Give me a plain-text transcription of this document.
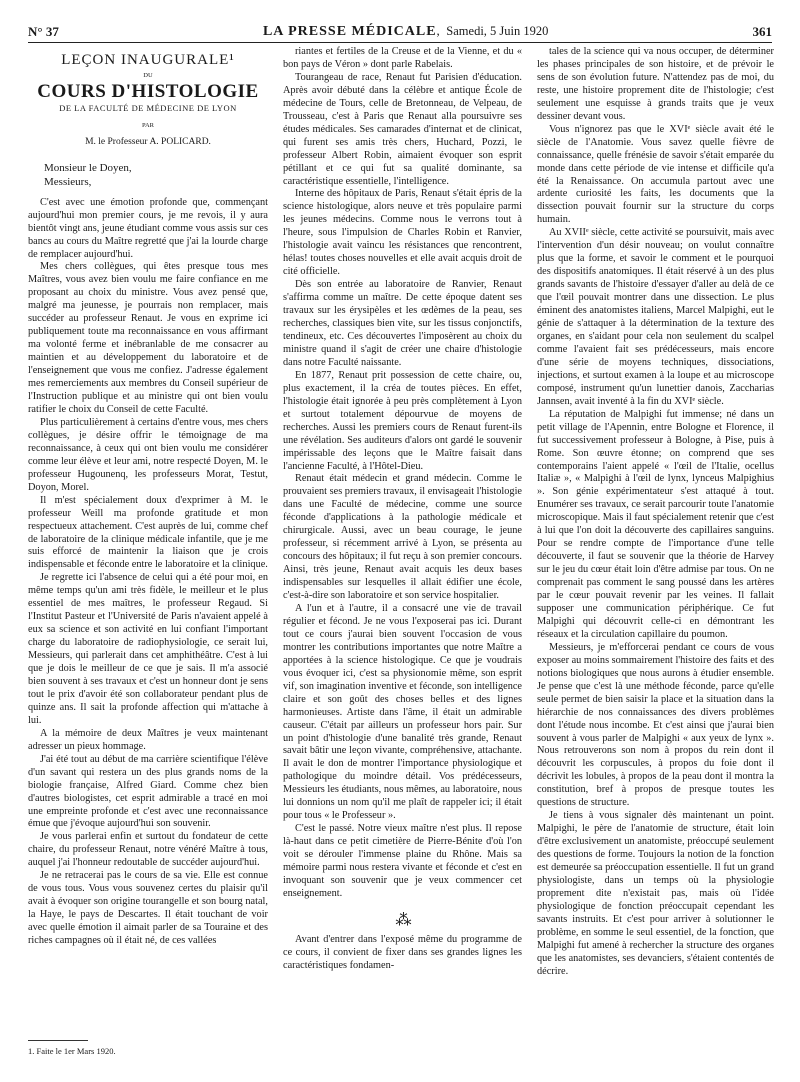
N° 37	LA PRESSE MÉDICALE,  Samedi, 5 Juin 1920	361
LEÇON INAUGURALE¹
DU
COURS D'HISTOLOGIE
DE LA FACULTÉ DE MÉDECINE DE LYON
PAR
M. le Professeur A. POLICARD.
Monsieur le Doyen,
Messieurs,

C'est avec une émotion profonde que, commençant aujourd'hui mon premier cours, je me revois, il y aura bientôt vingt ans, jeune étudiant comme vous assis sur ces bancs au cours du Maître regretté que j'ai la lourde charge de remplacer aujourd'hui.

Mes chers collègues, qui êtes presque tous mes Maîtres, vous avez bien voulu me faire confiance en me proposant au choix du ministre. Vous avez pensé que, malgré ma jeunesse, je pourrais non remplacer, mais succéder au professeur Renaut. Je vous en exprime ici publiquement toute ma reconnaissance en vous affirmant ma volonté ferme et inébranlable de me consacrer au maintien et au développement du laboratoire et de l'enseignement que vous me confiez. J'adresse également mes remerciements aux membres du Conseil supérieur de l'Instruction publique et au ministre qui ont bien voulu ratifier le choix du Conseil de cette Faculté.

Plus particulièrement à certains d'entre vous, mes chers collègues, je désire offrir le témoignage de ma reconnaissance, à ceux qui ont bien voulu me considérer comme leur élève et leur ami, notre respecté Doyen, M. le professeur Hugounenq, les professeurs Morat, Testut, Doyon, Morel.

Il m'est spécialement doux d'exprimer à M. le professeur Weill ma profonde gratitude et mon respectueux attachement. C'est auprès de lui, comme chef de laboratoire de la clinique médicale infantile, que je me suis efforcé de maintenir la liaison que je crois indispensable et féconde entre le laboratoire et la clinique.

Je regrette ici l'absence de celui qui a été pour moi, en même temps qu'un ami très fidèle, le meilleur et le plus essentiel de mes maîtres, le professeur Regaud. Si l'Institut Pasteur et l'Université de Paris n'avaient appelé à eux sa science et son activité en lui confiant l'important charge du laboratoire de radiophysiologie, ce serait lui, Messieurs, qui parlerait dans cet amphithéâtre. C'est à lui que je dois le meilleur de ce que je sais. Il m'a associé bien souvent à ses travaux et c'est un honneur dont je sens tout le prix d'avoir été son collaborateur pendant plus de quinze ans. Il sait la profonde affection qui m'attache à lui.

A la mémoire de deux Maîtres je veux maintenant adresser un pieux hommage.

J'ai été tout au début de ma carrière scientifique l'élève d'un savant qui restera un des plus grands noms de la biologie française, Alfred Giard. Comme chez bien d'autres biologistes, cet esprit admirable a tracé en moi une empreinte profonde et c'est avec une reconnaissance émue que j'évoque aujourd'hui son souvenir.

Je vous parlerai enfin et surtout du fondateur de cette chaire, du professeur Renaut, notre vénéré Maître à tous, auquel j'ai l'honneur redoutable de succéder aujourd'hui.

Je ne retracerai pas le cours de sa vie. Elle est connue de vous tous. Vous vous souvenez certes du plaisir qu'il avait à évoquer son origine tourangelle et son bourg natal, la Haye, le pays de Descartes. Il était touchant de voir avec quelle émotion il aimait parler de sa Touraine et des riches campagnes où il était né, de ces vallées

riantes et fertiles de la Creuse et de la Vienne, et du « bon pays de Véron » dont parle Rabelais.

Tourangeau de race, Renaut fut Parisien d'éducation. Après avoir débuté dans la célèbre et antique École de médecine de Tours, celle de Bretonneau, de Velpeau, de Trousseau, c'est à Paris que Renaut alla poursuivre ses études médicales. Ses camarades d'internat et de clinicat, qui furent ses amis très chers, Huchard, Pozzi, le professeur Albert Robin, aimaient évoquer son esprit pétillant et ce qui fut sa qualité dominante, sa caractéristique essentielle, l'intelligence.

Interne des hôpitaux de Paris, Renaut s'était épris de la science histologique, alors neuve et très populaire parmi les jeunes médecins. Comme nous le verrons tout à l'heure, sous l'impulsion de Charles Robin et Ranvier, l'histologie avait vaincu les résistances que rencontrent, hélas! toutes choses nouvelles et elle avait acquis droit de cité officielle.

Dès son entrée au laboratoire de Ranvier, Renaut s'affirma comme un maître. De cette époque datent ses travaux sur les érysipèles et les œdèmes de la peau, ses recherches, classiques bien vite, sur les tissus conjonctifs, tendineux, etc. Ces découvertes l'imposèrent au choix du ministre quand il s'agit de créer une chaire d'histologie dans notre Faculté naissante.

En 1877, Renaut prit possession de cette chaire, ou, plus exactement, il la créa de toutes pièces. En effet, l'histologie était ignorée à peu près complètement à Lyon et surtout totalement dépourvue de moyens de recherches. Aussi les premiers cours de Renaut furent-ils une révélation. Ses auditeurs d'alors ont gardé le souvenir impérissable des leçons que le Maître faisait dans l'ancienne Faculté, à l'Hôtel-Dieu.

Renaut était médecin et grand médecin. Comme le prouvaient ses premiers travaux, il envisageait l'histologie dans une Faculté de médecine, comme une source féconde d'applications à la pathologie médicale et chirurgicale. Aussi, avec un beau courage, le jeune professeur, si récemment arrivé à Lyon, se présenta au concours des hôpitaux; il fut reçu à son premier concours. Ainsi, très jeune, Renaut avait acquis les deux bases indispensables sur lesquelles il allait édifier une école, c'est-à-dire son laboratoire et son service hospitalier.

A l'un et à l'autre, il a consacré une vie de travail régulier et fécond. Je ne vous l'exposerai pas ici. Durant tout ce cours j'aurai bien souvent l'occasion de vous montrer les contributions importantes que notre Maître a apportées à la science histologique. Ce que je voudrais vous évoquer ici, c'est sa physionomie même, son esprit vif, son imagination inventive et féconde, son intelligence claire et son goût des choses belles et des lignes harmonieuses. Artiste dans l'âme, il était un admirable causeur. C'était par ailleurs un professeur hors pair. Sur un point d'histologie d'une banalité très grande, Renaut savait bâtir une leçon vivante, compréhensive, attachante. Il avait le don de montrer l'importance physiologique et pathologique du moindre détail. Vos prédécesseurs, Messieurs les étudiants, nous mêmes, au laboratoire, nous lui donnions un nom qu'il me plaît de rappeler ici; il était pour tous « le Professeur ».

C'est le passé. Notre vieux maître n'est plus. Il repose là-haut dans ce petit cimetière de Pierre-Bénite d'où l'on voit se dérouler l'immense plaine du Rhône. Mais sa mémoire parmi nous restera vivante et féconde et c'est en invoquant son souvenir que je veux commencer cet enseignement.

⁂

Avant d'entrer dans l'exposé même du programme de ce cours, il convient de fixer dans ses grandes lignes les caractéristiques fondamen-

tales de la science qui va nous occuper, de déterminer les phases principales de son histoire, et de prévoir le sens de son évolution future. N'attendez pas de moi, du reste, une histoire proprement dite de l'histologie; c'est seulement une esquisse à grands traits que je veux dessiner devant vous.

Vous n'ignorez pas que le XVIᵉ siècle avait été le siècle de l'Anatomie. Vous savez quelle fièvre de connaissance, quelle frénésie de savoir s'était emparée du monde dans cette période de vie intense et difficile qu'a été la Renaissance. On accumula partout avec une ardente curiosité les faits, les documents que la dissection pouvait fournir sur la structure du corps humain.

Au XVIIᵉ siècle, cette activité se poursuivit, mais avec l'intervention d'un désir nouveau; on voulut connaître plus que la forme, et savoir le comment et le pourquoi des dispositifs anatomiques. Il était réservé à un des plus grands savants de l'histoire d'essayer d'aller au delà de ce que l'œil pouvait montrer dans une dissection. Le plus éminent des anatomistes italiens, Marcel Malpighi, eut le génie de s'attaquer à la détermination de la texture des organes, en s'aidant pour cela non seulement du scalpel comme l'avaient fait ses prédécesseurs, mais encore d'une série de moyens techniques, dissociations, injections, et surtout examen à la loupe et au microscope composé, instrument qu'un lunettier danois, Zaccharias Jannsen, avait inventé à la fin du XVIᵉ siècle.

La réputation de Malpighi fut immense; né dans un petit village de l'Apennin, entre Bologne et Florence, il fut successivement professeur à Bologne, à Pise, puis à Rome. Son œuvre étonne; on comprend que ses contemporains l'aient appelé « l'œil de l'Italie, ocellus Italiæ », « Malpighi à l'œil de lynx, lynceus Malpighius ». Son génie expérimentateur s'est attaqué à tout. Enumérer ses travaux, ce serait parcourir toute l'anatomie microscopique. Mais il faut spécialement retenir que c'est à lui que l'on doit la découverte des capillaires sanguins. Pour se rendre compte de l'importance d'une telle découverte, il faut se souvenir que la théorie de Harvey sur le jeu du cœur était loin d'être admise par tous. On ne comprenait pas comment le sang poussé dans les artères par le cœur pouvait revenir par les veines. Il fallait supposer une communication périphérique. Ce fut Malpighi qui découvrit celle-ci en démontrant les réseaux et la circulation capillaire du poumon.

Messieurs, je m'efforcerai pendant ce cours de vous exposer au moins sommairement l'histoire des faits et des notions biologiques que nous aurons à étudier ensemble. Je pense que c'est là une méthode féconde, parce qu'elle seule permet de bien saisir la place et la situation dans la hiérarchie de nos connaissances des divers problèmes dont l'étude nous incombe. Et c'est ainsi que j'aurai bien souvent à vous parler de Malpighi « aux yeux de lynx ». Nous retrouverons son nom à propos du rein dont il découvrit les corpuscules, à propos du foie dont il décrivit les lobules, à propos de la peau dont il montra la constitution, bref à propos de presque toutes les questions de structure.

Je tiens à vous signaler dès maintenant un point. Malpighi, le père de l'anatomie de structure, était loin d'être exclusivement un anatomiste, préoccupé seulement des questions de forme. Toujours la notion de la fonction est demeurée sa préoccupation essentielle. Il fut un grand physiologiste, dans un temps où la physiologie proprement dite n'existait pas, mais où l'idée physiologique de fonction préoccupait cependant les savants instruits. Et c'est pour arriver à solutionner le problème, en somme le seul essentiel, de la fonction, que Malpighi fut amené à rechercher la structure des organes que les anatomistes, ses devanciers, s'étaient contentés de décrire.

1. Faite le 1er Mars 1920.
